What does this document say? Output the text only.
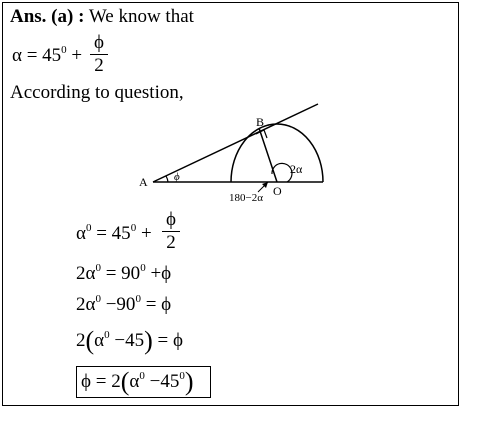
Ans. (a) : We know that
$\alpha = 45^0$ +
ϕ
2
According to question,
A
B
O
ϕ
2α
180−2α
$\alpha^0 = 45^0$ +
ϕ
2
$2\alpha^0 = 90^0 +\phi$
$2\alpha^0 -90^0 = \phi$
$2(\alpha^0 -45) = \phi$
$\phi = 2(\alpha^0 -45^0)$
